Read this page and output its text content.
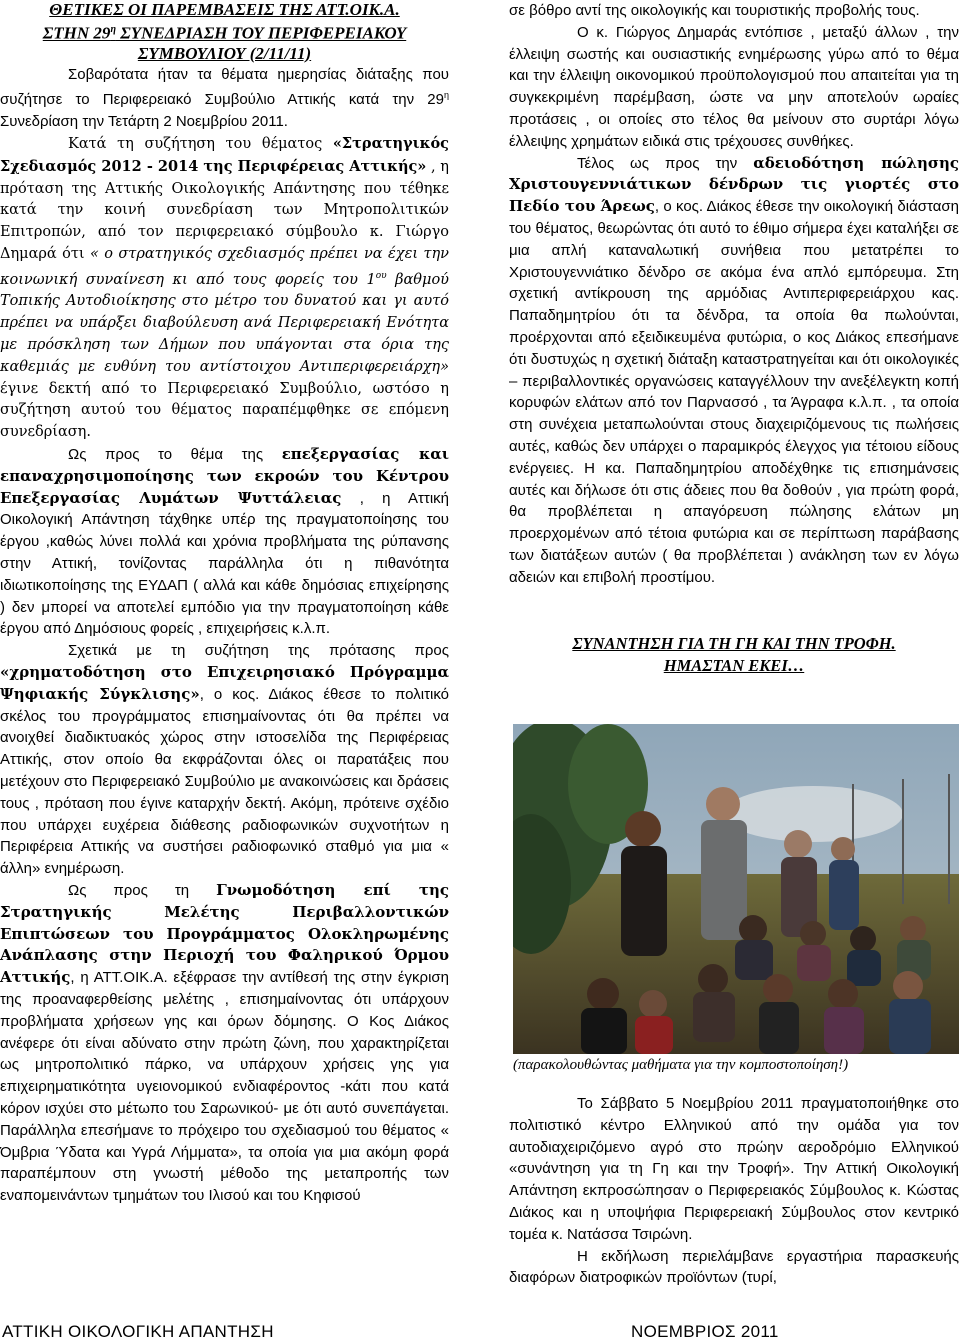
ΘΕΤΙΚΕΣ ΟΙ ΠΑΡΕΜΒΑΣΕΙΣ ΤΗΣ ΑΤΤ.ΟΙΚ.Α.
ΣΤΗΝ $29^\eta$ ΣΥΝΕΔΡΙΑΣΗ ΤΟΥ ΠΕΡΙΦΕΡΕΙΑΚΟΥ
ΣΥΜΒΟΥΛΙΟΥ (2/11/11)

Σοβαρότατα ήταν τα θέματα ημερησίας διάταξης που συζήτησε το Περιφερειακό Συμβούλιο Αττικής κατά την $29^\eta$ Συνεδρίαση την Τετάρτη 2 Νοεμβρίου 2011.

Κατά τη συζήτηση του θέματος «Στρατηγικός Σχεδιασμός 2012 - 2014 της Περιφέρειας Αττικής» , η πρόταση της Αττικής Οικολογικής Απάντησης που τέθηκε κατά την κοινή συνεδρίαση των Μητροπολιτικών Επιτροπών, από τον περιφερειακό σύμβουλο κ. Γιώργο Δημαρά ότι « ο στρατηγικός σχεδιασμός πρέπει να έχει την κοινωνική συναίνεση κι από τους φορείς του $1^{o\upsilon}$ βαθμού Τοπικής Αυτοδιοίκησης στο μέτρο του δυνατού και γι αυτό πρέπει να υπάρξει διαβούλευση ανά Περιφερειακή Ενότητα με πρόσκληση των Δήμων που υπάγονται στα όρια της καθεμιάς με ευθύνη του αντίστοιχου Αντιπεριφερειάρχη» έγινε δεκτή από το Περιφερειακό Συμβούλιο, ωστόσο η συζήτηση αυτού του θέματος παραπέμφθηκε σε επόμενη συνεδρίαση.

Ως προς το θέμα της επεξεργασίας και επαναχρησιμοποίησης των εκροών του Κέντρου Επεξεργασίας Λυμάτων Ψυττάλειας , η Αττική Οικολογική Απάντηση τάχθηκε υπέρ της πραγματοποίησης του έργου ,καθώς λύνει πολλά και χρόνια προβλήματα της ρύπανσης στην Αττική, τονίζοντας παράλληλα ότι η πιθανότητα ιδιωτικοποίησης της ΕΥΔΑΠ ( αλλά και κάθε δημόσιας επιχείρησης ) δεν μπορεί να αποτελεί εμπόδιο για την πραγματοποίηση κάθε έργου από Δημόσιους φορείς , επιχειρήσεις κ.λ.π.

Σχετικά με τη συζήτηση της πρότασης προς «χρηματοδότηση στο Επιχειρησιακό Πρόγραμμα Ψηφιακής Σύγκλισης», ο κος. Διάκος έθεσε το πολιτικό σκέλος του προγράμματος επισημαίνοντας ότι θα πρέπει να ανοιχθεί διαδικτυακός χώρος στην ιστοσελίδα της Περιφέρειας Αττικής, στον οποίο θα εκφράζονται όλες οι παρατάξεις που μετέχουν στο Περιφερειακό Συμβούλιο με ανακοινώσεις και δράσεις τους , πρόταση που έγινε καταρχήν δεκτή. Ακόμη, πρότεινε σχέδιο που υπάρχει ευχέρεια διάθεσης ραδιοφωνικών συχνοτήτων η Περιφέρεια Αττικής να συστήσει ραδιοφωνικό σταθμό για μια « άλλη» ενημέρωση.

Ως προς τη Γνωμοδότηση επί της Στρατηγικής Μελέτης Περιβαλλοντικών Επιπτώσεων του Προγράμματος Ολοκληρωμένης Ανάπλασης στην Περιοχή του Φαληρικού Όρμου Αττικής, η ΑΤΤ.ΟΙΚ.Α. εξέφρασε την αντίθεσή της στην έγκριση της προαναφερθείσης μελέτης , επισημαίνοντας ότι υπάρχουν προβλήματα χρήσεων γης και όρων δόμησης. Ο Κος Διάκος ανέφερε ότι είναι αδύνατο στην πρώτη ζώνη, που χαρακτηρίζεται ως μητροπολιτικό πάρκο, να υπάρχουν χρήσεις γης για επιχειρηματικότητα υγειονομικού ενδιαφέροντος -κάτι που κατά κόρον ισχύει στο μέτωπο του Σαρωνικού- με ότι αυτό συνεπάγεται. Παράλληλα επεσήμανε το πρόχειρο του σχεδιασμού του θέματος « Όμβρια Ύδατα και Υγρά Λήμματα», τα οποία για μια ακόμη φορά παραπέμπουν στη γνωστή μέθοδο της μεταπροπής των εναπομεινάντων τμημάτων του Ιλισού και του Κηφισού

σε βόθρο αντί της οικολογικής και τουριστικής προβολής τους.

Ο κ. Γιώργος Δημαράς εντόπισε , μεταξύ άλλων , την έλλειψη σωστής και ουσιαστικής ενημέρωσης γύρω από το θέμα και την έλλειψη οικονομικού προϋπολογισμού που απαιτείται για τη συγκεκριμένη παρέμβαση, ώστε να μην αποτελούν ωραίες προτάσεις , οι οποίες στο τέλος θα μείνουν στο συρτάρι λόγω έλλειψης χρημάτων ειδικά στις τρέχουσες συνθήκες.

Τέλος ως προς την αδειοδότηση πώλησης Χριστουγεννιάτικων δένδρων τις γιορτές στο Πεδίο του Άρεως, ο κος. Διάκος έθεσε την οικολογική διάσταση του θέματος, θεωρώντας ότι αυτό το έθιμο σήμερα έχει καταλήξει σε μια απλή καταναλωτική συνήθεια που μετατρέπει το Χριστουγεννιάτικο δένδρο σε ακόμα ένα απλό εμπόρευμα. Στη σχετική αντίκρουση της αρμόδιας Αντιπεριφερειάρχου κας. Παπαδημητρίου ότι τα δένδρα, τα οποία θα πωλούνται, προέρχονται από εξειδικευμένα φυτώρια, ο κος Διάκος επεσήμανε ότι δυστυχώς η σχετική διάταξη καταστρατηγείται και ότι οικολογικές – περιβαλλοντικές οργανώσεις καταγγέλλουν την ανεξέλεγκτη κοπή κορυφών ελάτων από τον Παρνασσό , τα Άγραφα κ.λ.π. , τα οποία στη συνέχεια μεταπωλούνται στους διαχειριζόμενους τις πωλήσεις αυτές, καθώς δεν υπάρχει ο παραμικρός έλεγχος για τέτοιου είδους ενέργειες. Η κα. Παπαδημητρίου αποδέχθηκε τις επισημάνσεις αυτές και δήλωσε ότι στις άδειες που θα δοθούν , για πρώτη φορά, θα προβλέπεται η απαγόρευση πώλησης ελάτων μη προερχομένων από τέτοια φυτώρια και σε περίπτωση παράβασης των διατάξεων αυτών ( θα προβλέπεται ) ανάκληση των εν λόγω αδειών και επιβολή προστίμου.

ΣΥΝΑΝΤΗΣΗ ΓΙΑ ΤΗ ΓΗ ΚΑΙ ΤΗΝ ΤΡΟΦΗ.
ΗΜΑΣΤΑΝ ΕΚΕΙ…
(παρακολουθώντας μαθήματα για την κομποστοποίηση!)

Το Σάββατο 5 Νοεμβρίου 2011 πραγματοποιήθηκε στο πολιτιστικό κέντρο Ελληνικού από την ομάδα για τον αυτοδιαχειριζόμενο αγρό στο πρώην αεροδρόμιο Ελληνικού «συνάντηση για τη Γη και την Τροφή». Την Αττική Οικολογική Απάντηση εκπροσώπησαν ο Περιφερειακός Σύμβουλος κ. Κώστας Διάκος και η υποψήφια Περιφερειακή Σύμβουλος στον κεντρικό τομέα κ. Νατάσσα Τσιρώνη.

Η εκδήλωση περιελάμβανε εργαστήρια παρασκευής διαφόρων διατροφικών προϊόντων (τυρί,

ΑΤΤΙΚΗ ΟΙΚΟΛΟΓΙΚΗ ΑΠΑΝΤΗΣΗ	ΝΟΕΜΒΡΙΟΣ 2011
